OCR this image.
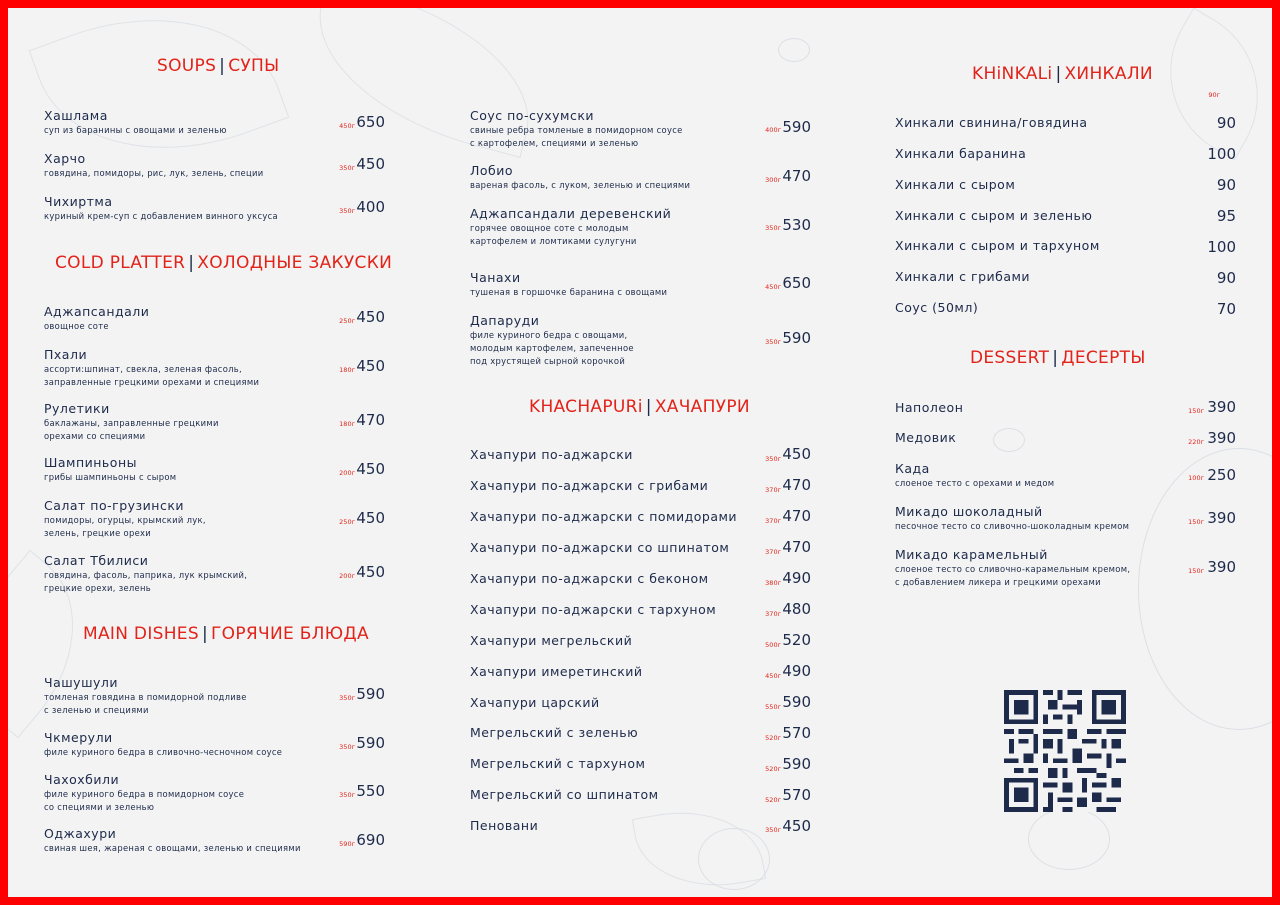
SOUPS | СУПЫ
Хашлама
суп из баранины с овощами и зеленью	450г 650
Харчо
говядина, помидоры, рис, лук, зелень, специи	350г 450
Чихиртма
куриный крем-суп с добавлением винного уксуса	350г 400
COLD PLATTER | ХОЛОДНЫЕ ЗАКУСКИ
Аджапсандали
овощное соте	250г 450
Пхали
ассорти:шпинат, свекла, зеленая фасоль,
заправленные грецкими орехами и специями
180г 450
Рулетики
баклажаны, заправленные грецкими
орехами со специями
180г 470
Шампиньоны
грибы шампиньоны с сыром	200г 450
Салат по-грузински
помидоры, огурцы, крымский лук,
зелень, грецкие орехи
250г 450
Салат Тбилиси
говядина, фасоль, паприка, лук крымский,
грецкие орехи, зелень
200г 450
MAIN DISHES | ГОРЯЧИЕ БЛЮДА
Чашушули
томленая говядина в помидорной подливе
с зеленью и специями
350г 590
Чкмерули
филе куриного бедра в сливочно-чесночном соусе	350г 590
Чахохбили
филе куриного бедра в помидорном соусе
со специями и зеленью
350г 550
Оджахури
свиная шея, жареная с овощами, зеленью и специями	590г 690
Соус по-сухумски
свиные ребра томленые в помидорном соусе
с картофелем, специями и зеленью
400г 590
Лобио
вареная фасоль, с луком, зеленью и специями	300г 470
Аджапсандали деревенский
горячее овощное соте с молодым
картофелем и ломтиками сулугуни
350г 530
Чанахи
тушеная в горшочке баранина с овощами	450г 650
Дапаруди
филе куриного бедра с овощами,
молодым картофелем, запеченное
под хрустящей сырной корочкой
350г 590
KHACHAPURi | ХАЧАПУРИ
Хачапури по-аджарски	350г 450
Хачапури по-аджарски с грибами	370г 470
Хачапури по-аджарски с помидорами	370г 470
Хачапури по-аджарски со шпинатом	370г 470
Хачапури по-аджарски с беконом	380г 490
Хачапури по-аджарски с тархуном	370г 480
Хачапури мегрельский	500г 520
Хачапури имеретинский	450г 490
Хачапури царский	550г 590
Мегрельский с зеленью	520г 570
Мегрельский с тархуном	520г 590
Мегрельский со шпинатом	520г 570
Пеновани	350г 450
KHiNKALi | ХИНКАЛИ
90г
Хинкали свинина/говядина	90
Хинкали баранина	100
Хинкали с сыром	90
Хинкали с сыром и зеленью	95
Хинкали с сыром и тархуном	100
Хинкали с грибами	90
Соус (50мл)	70
DESSERT | ДЕСЕРТЫ
Наполеон	150г 390
Медовик	220г 390
Када
слоеное тесто с орехами и медом	100г 250
Микадо шоколадный
песочное тесто со сливочно-шоколадным кремом	150г 390
Микадо карамельный
слоеное тесто со сливочно-карамельным кремом,
с добавлением ликера и грецкими орехами
150г 390
